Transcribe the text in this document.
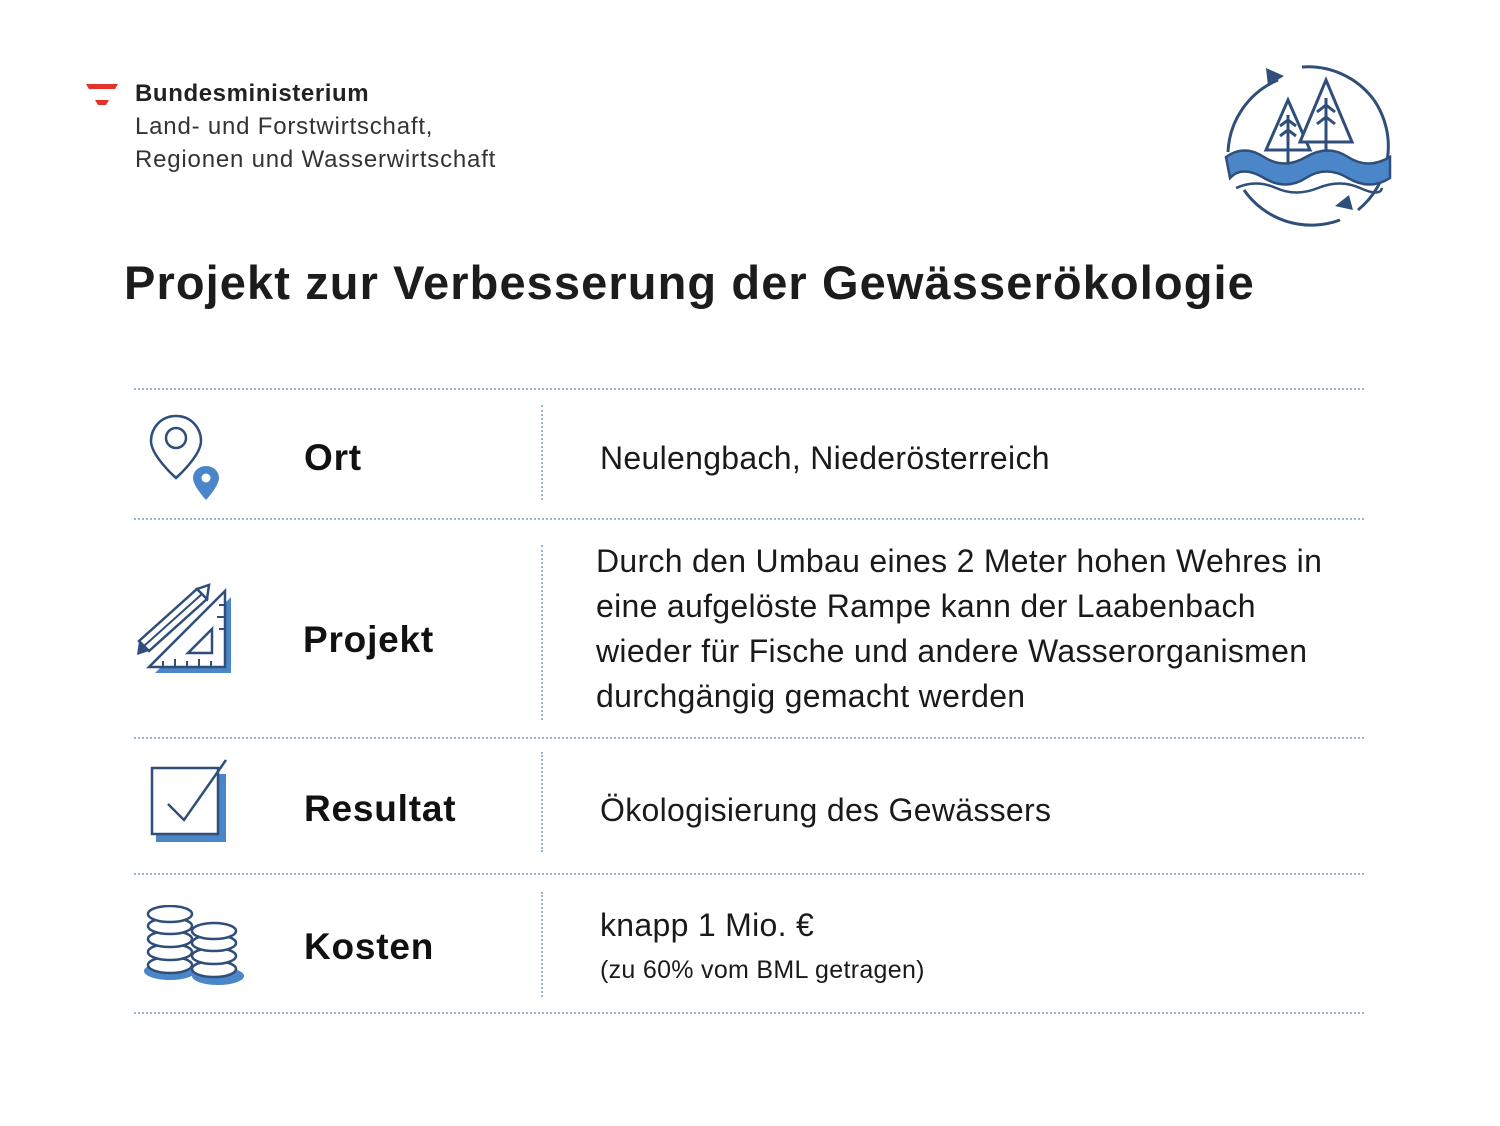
Bundesministerium
Land- und Forstwirtschaft,
Regionen und Wasserwirtschaft
Projekt zur Verbesserung der Gewässerökologie
Ort	Neulengbach, Niederösterreich
Projekt
Durch den Umbau eines 2 Meter hohen Wehres in eine aufgelöste Rampe kann der Laabenbach wieder für Fische und andere Wasserorganismen durchgängig gemacht werden
Resultat	Ökologisierung des Gewässers
Kosten
knapp 1 Mio. €
(zu 60% vom BML getragen)
